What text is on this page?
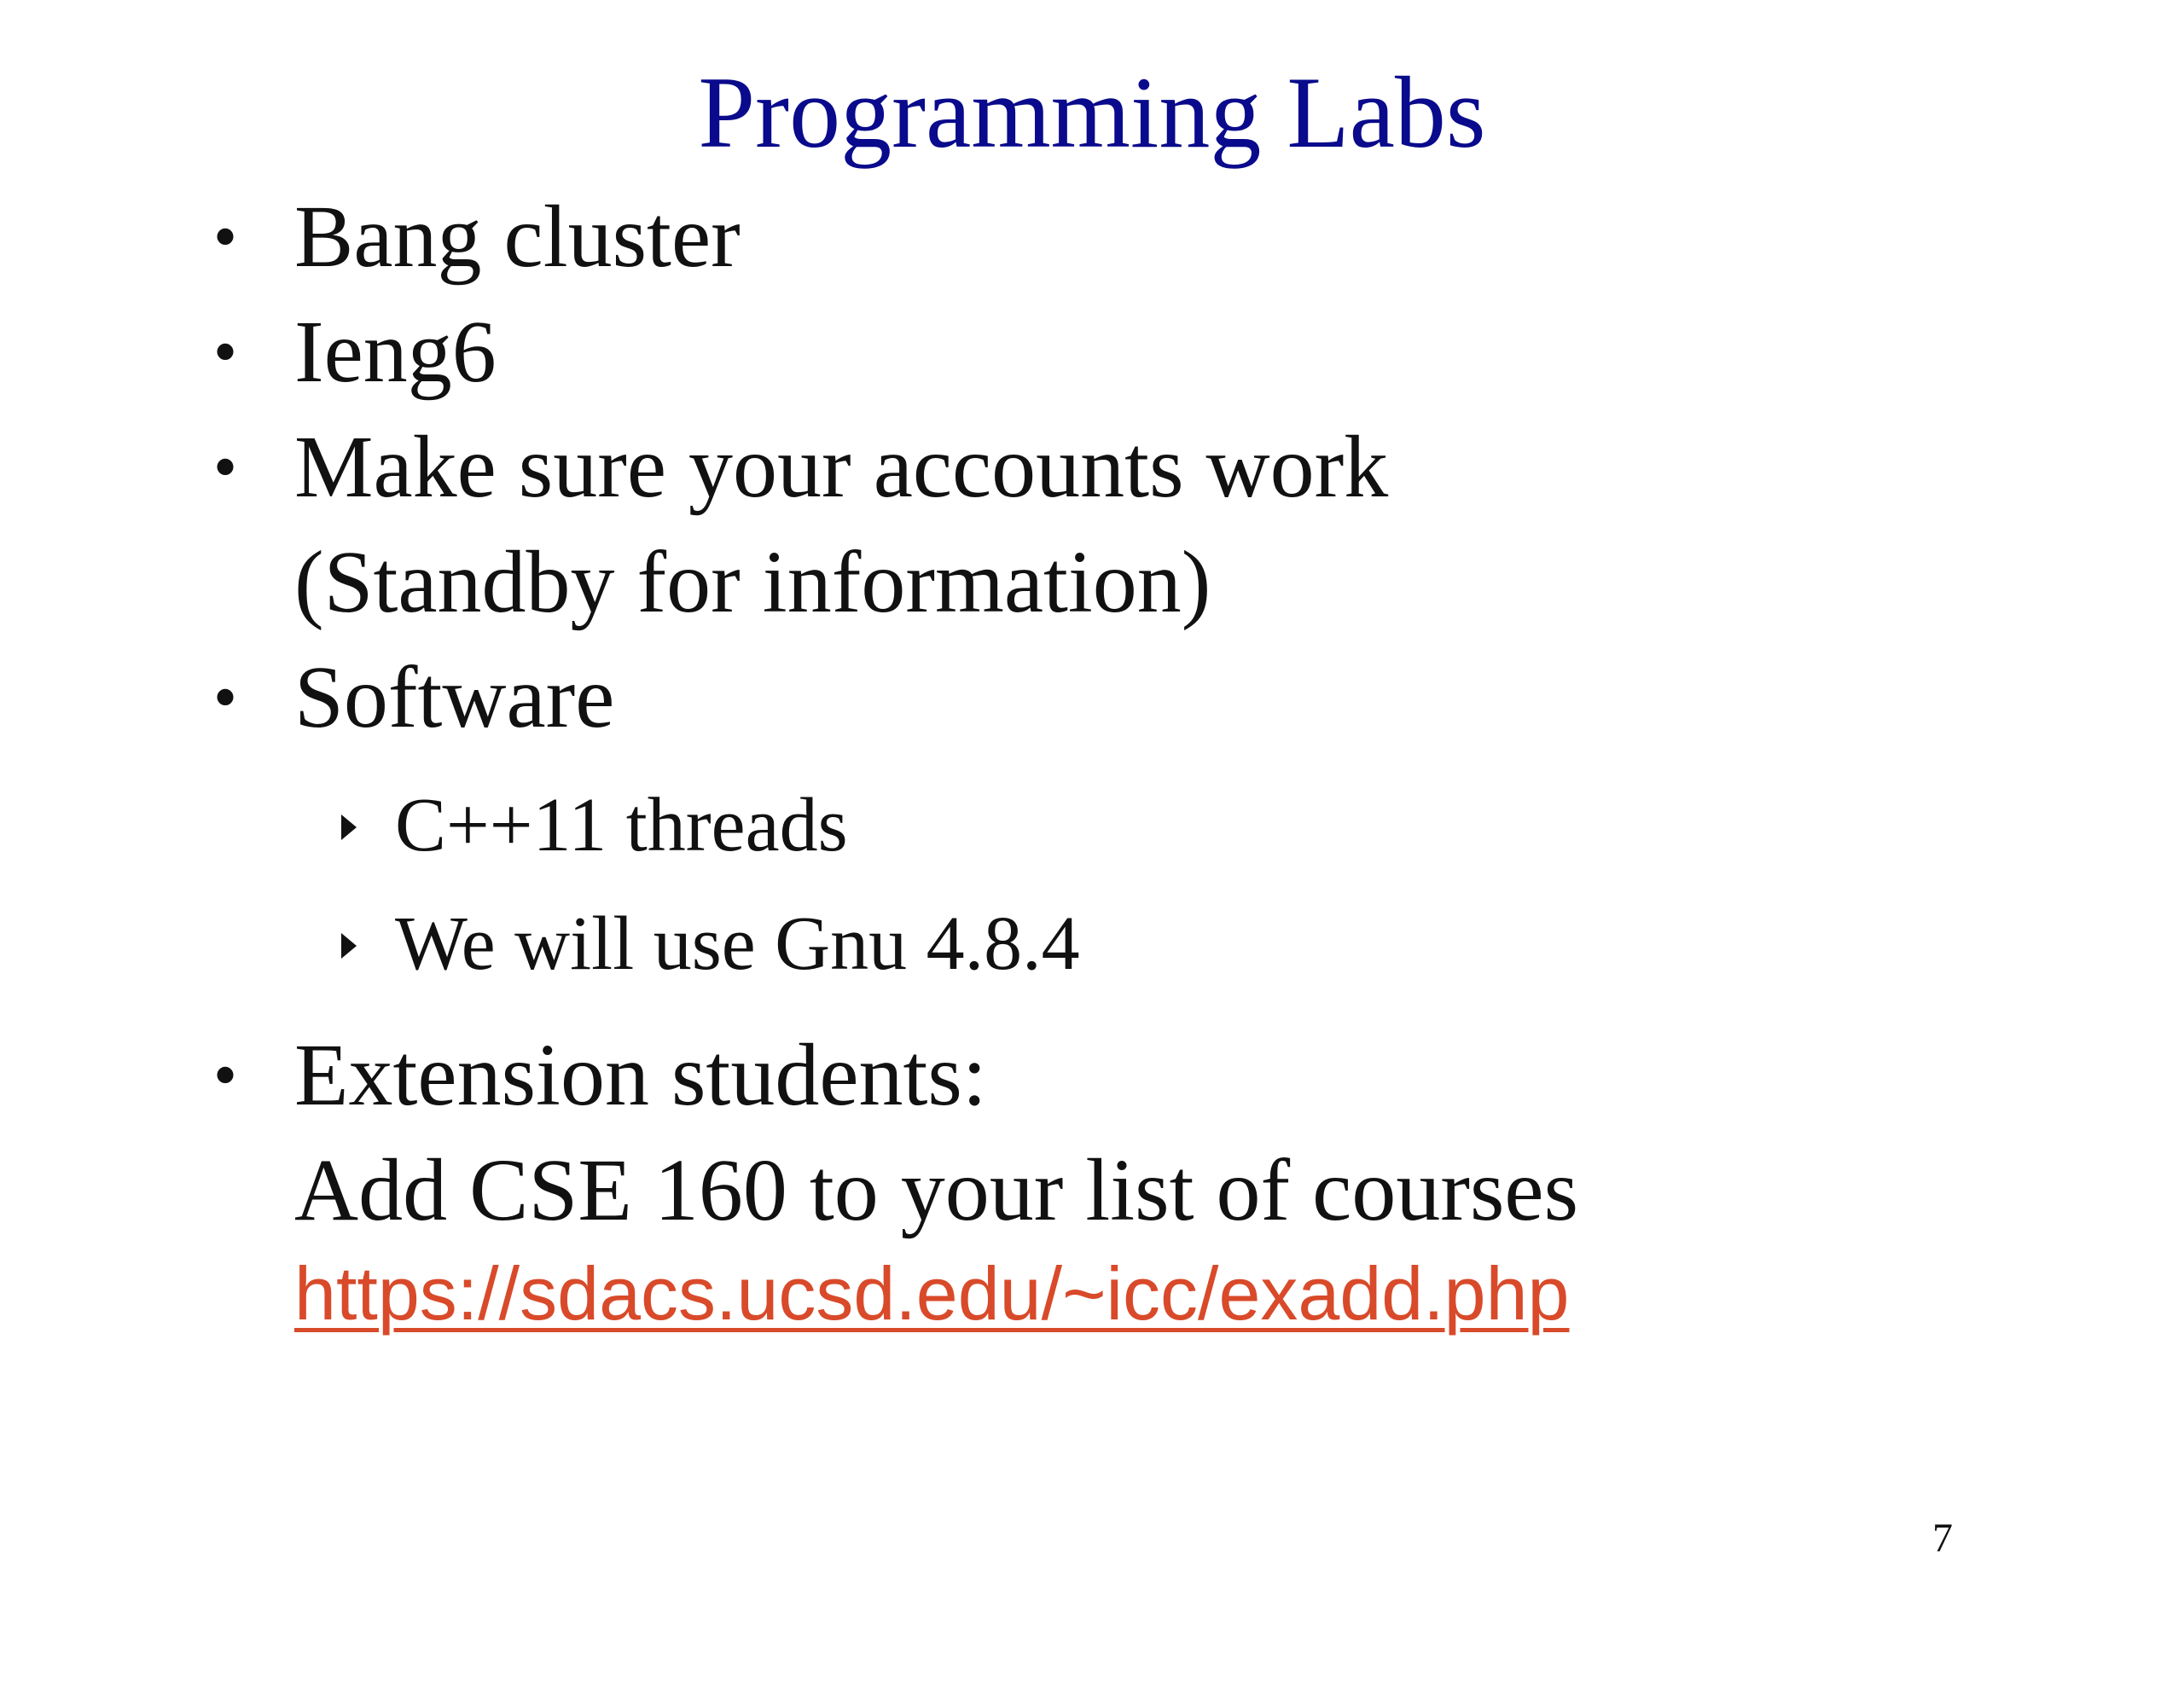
Programming Labs
• Bang cluster
• Ieng6
• Make sure your accounts work
(Standby for information)
• Software
C++11 threads
We will use Gnu 4.8.4
• Extension students:
Add CSE 160 to your list of courses
https://sdacs.ucsd.edu/~icc/exadd.php
7
